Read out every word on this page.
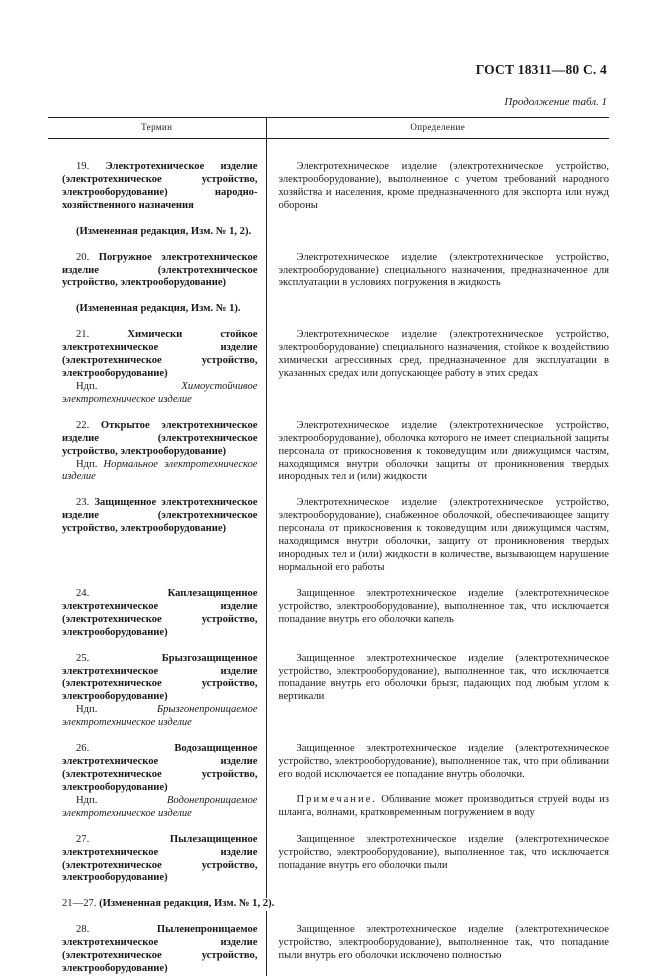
ГОСТ 18311—80 С. 4
Продолжение табл. 1
Термин	Определение

19. Электротехническое изделие (электротехническое устройство, электрооборудование) народно-хозяйственного назначения	Электротехническое изделие (электротехническое устройство, электрооборудование), выполненное с учетом требований народного хозяйства и населения, кроме предназначенного для экспорта или нужд обороны

(Измененная редакция, Изм. № 1, 2).	

20. Погружное электротехническое изделие (электротехническое устройство, электрооборудование)	Электротехническое изделие (электротехническое устройство, электрооборудование) специального назначения, предназначенное для эксплуатации в условиях погружения в жидкость

(Измененная редакция, Изм. № 1).	

21. Химически стойкое электротехническое изделие (электротехническое устройство, электрооборудование)
Ндп. Химоустойчивое электротехническое изделие	Электротехническое изделие (электротехническое устройство, электрооборудование) специального назначения, стойкое к воздействию химически агрессивных сред, предназначенное для эксплуатации в указанных средах или допускающее работу в этих средах

22. Открытое электротехническое изделие (электротехническое устройство, электрооборудование)
Ндп. Нормальное электротехническое изделие	Электротехническое изделие (электротехническое устройство, электрооборудование), оболочка которого не имеет специальной защиты персонала от прикосновения к токоведущим или движущимся частям, находящимся внутри оболочки защиты от проникновения твердых инородных тел и (или) жидкости

23. Защищенное электротехническое изделие (электротехническое устройство, электрооборудование)	Электротехническое изделие (электротехническое устройство, электрооборудование), снабженное оболочкой, обеспечивающее защиту персонала от прикосновения к токоведущим или движущимся частям, находящимся внутри оболочки, защиту от проникновения твердых инородных тел и (или) жидкости в количестве, вызывающем нарушение нормальной его работы

24. Каплезащищенное электротехническое изделие (электротехническое устройство, электрооборудование)	Защищенное электротехническое изделие (электротехническое устройство, электрооборудование), выполненное так, что исключается попадание внутрь его оболочки капель

25. Брызгозащищенное электротехническое изделие (электротехническое устройство, электрооборудование)
Ндп. Брызгонепроницаемое электротехническое изделие	Защищенное электротехническое изделие (электротехническое устройство, электрооборудование), выполненное так, что исключается попадание внутрь его оболочки брызг, падающих под любым углом к вертикали

26. Водозащищенное электротехническое изделие (электротехническое устройство, электрооборудование)
Ндп. Водонепроницаемое электротехническое изделие	Защищенное электротехническое изделие (электротехническое устройство, электрооборудование), выполненное так, что при обливании его водой исключается ее попадание внутрь оболочки.
Примечание. Обливание может производиться струей воды из шланга, волнами, кратковременным погружением в воду

27. Пылезащищенное электротехническое изделие (электротехническое устройство, электрооборудование)	Защищенное электротехническое изделие (электротехническое устройство, электрооборудование), выполненное так, что исключается попадание внутрь его оболочки пыли

21—27. (Измененная редакция, Изм. № 1, 2).	

28. Пыленепроницаемое электротехническое изделие (электротехническое устройство, электрооборудование)	Защищенное электротехническое изделие (электротехническое устройство, электрооборудование), выполненное так, что попадание пыли внутрь его оболочки исключено полностью
